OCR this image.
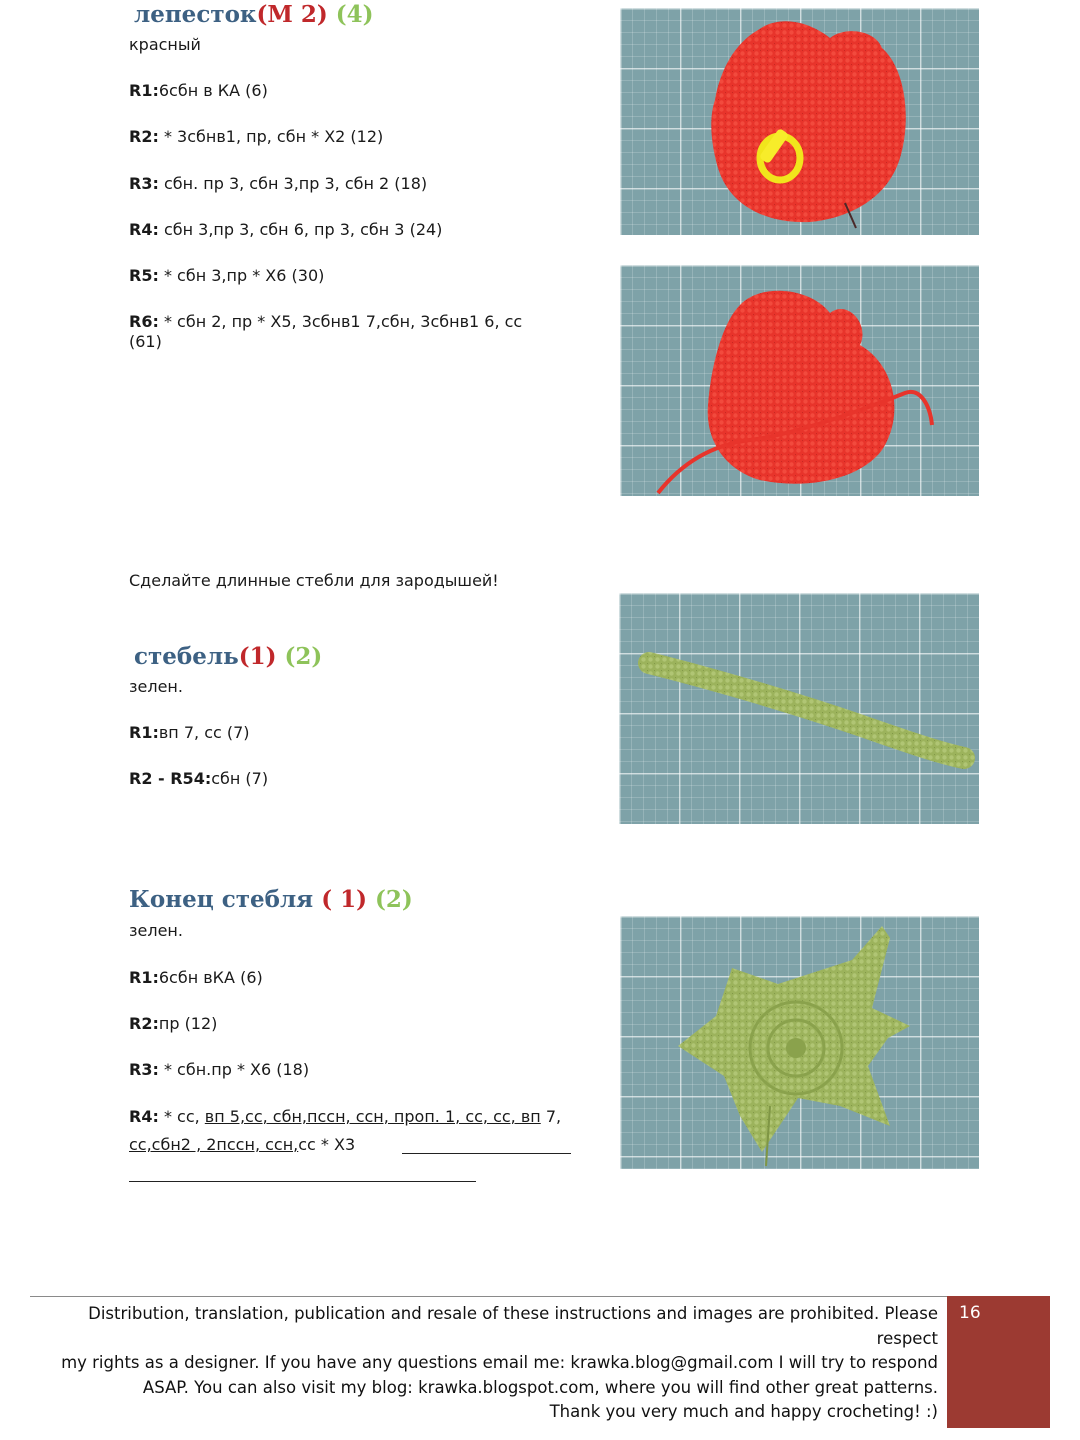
лепесток(М 2) (4)
красный
R1:6сбн в КА (6)
R2: * 3сбнв1, пр, сбн * X2 (12)
R3: сбн. пр 3, сбн 3,пр 3, сбн 2 (18)
R4: сбн 3,пр 3, сбн 6, пр 3, сбн 3 (24)
R5: * сбн 3,пр * X6 (30)
R6: * сбн 2, пр * X5, 3сбнв1 7,сбн, 3сбнв1 6, сс
(61)
Сделайте длинные стебли для зародышей!
стебель(1) (2)
зелен.
R1:вп 7, сс (7)
R2 - R54:сбн (7)
Конец стебля ( 1) (2)
зелен.
R1:6сбн вКА (6)
R2:пр (12)
R3: * сбн.пр * X6 (18)
R4: * сс, вп 5,сс, сбн,пссн, ссн, проп. 1, сс, сс, вп 7,
сс,сбн2 , 2пссн, ссн,сс * X3
Distribution, translation, publication and resale of these instructions and images are prohibited. Please respect
my rights as a designer. If you have any questions email me: krawka.blog@gmail.com I will try to respond
ASAP. You can also visit my blog: krawka.blogspot.com, where you will find other great patterns.
Thank you very much and happy crocheting! :)
16
